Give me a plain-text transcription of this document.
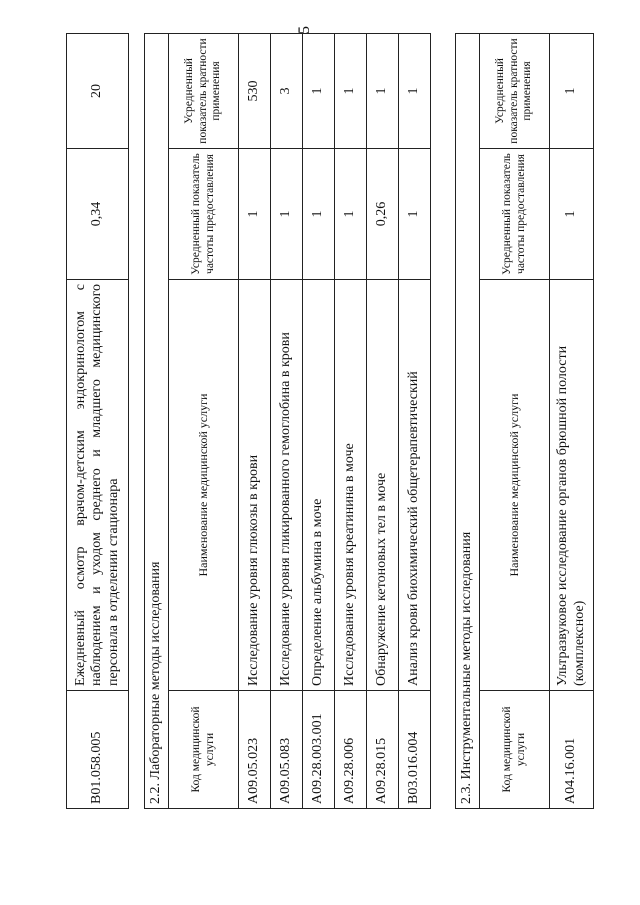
5
B01.058.005	Ежедневный осмотр врачом-детским эндокринологом с наблюдением и уходом среднего и младшего медицинского персонала в отделении стационара	0,34	20
2.2. Лабораторные методы исследования			
Код медицинской услуги	Наименование медицинской услуги	Усредненный показатель частоты предоставления	Усредненный показатель кратности применения
A09.05.023	Исследование уровня глюкозы в крови	1	530
A09.05.083	Исследование уровня гликированного гемоглобина в крови	1	3
A09.28.003.001	Определение альбумина в моче	1	1
A09.28.006	Исследование уровня креатинина в моче	1	1
A09.28.015	Обнаружение кетоновых тел в моче	0,26	1
B03.016.004	Анализ крови биохимический общетерапевтический	1	1
2.3. Инструментальные методы исследования			
Код медицинской услуги	Наименование медицинской услуги	Усредненный показатель частоты предоставления	Усредненный показатель кратности применения
A04.16.001	Ультразвуковое исследование органов брюшной полости (комплексное)	1	1
